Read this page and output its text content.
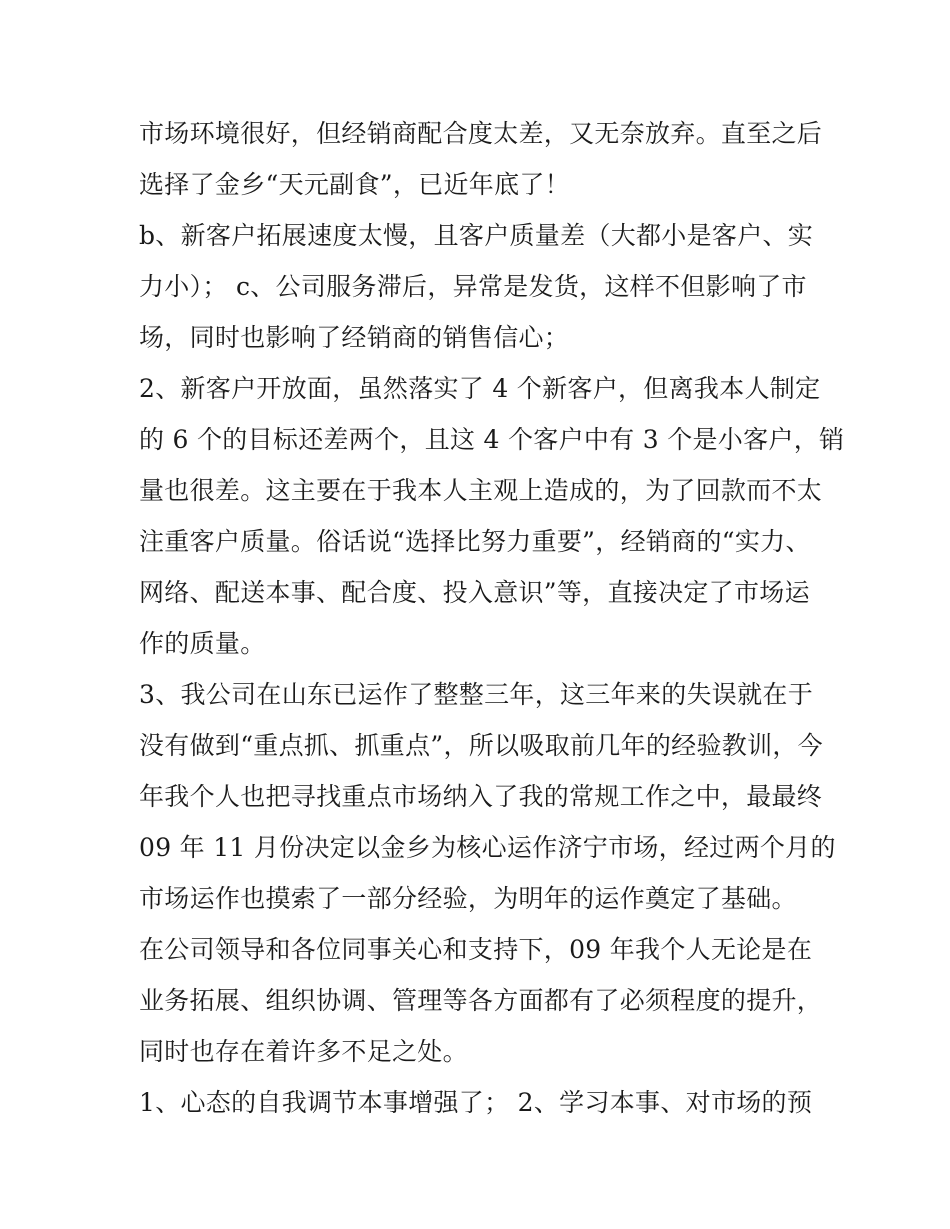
市场环境很好，但经销商配合度太差，又无奈放弃。直至之后
选择了金乡“天元副食”，已近年底了！
b、新客户拓展速度太慢，且客户质量差（大都小是客户、实
力小）； c、公司服务滞后，异常是发货，这样不但影响了市
场，同时也影响了经销商的销售信心；
2、新客户开放面，虽然落实了 4 个新客户，但离我本人制定
的 6 个的目标还差两个，且这 4 个客户中有 3 个是小客户，销
量也很差。这主要在于我本人主观上造成的，为了回款而不太
注重客户质量。俗话说“选择比努力重要”，经销商的“实力、
网络、配送本事、配合度、投入意识”等，直接决定了市场运
作的质量。
3、我公司在山东已运作了整整三年，这三年来的失误就在于
没有做到“重点抓、抓重点”，所以吸取前几年的经验教训，今
年我个人也把寻找重点市场纳入了我的常规工作之中，最最终
09 年 11 月份决定以金乡为核心运作济宁市场，经过两个月的
市场运作也摸索了一部分经验，为明年的运作奠定了基础。
在公司领导和各位同事关心和支持下，09 年我个人无论是在
业务拓展、组织协调、管理等各方面都有了必须程度的提升，
同时也存在着许多不足之处。
1、心态的自我调节本事增强了； 2、学习本事、对市场的预
